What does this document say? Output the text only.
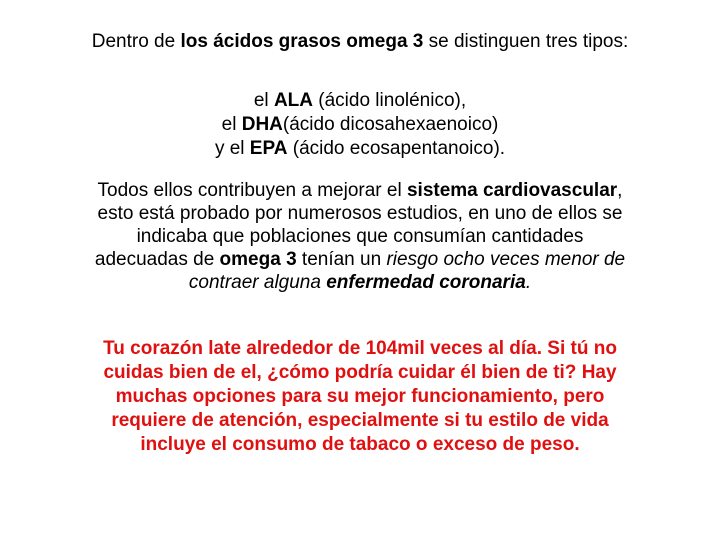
Dentro de los ácidos grasos omega 3 se distinguen tres tipos:

el ALA (ácido linolénico),
el DHA(ácido dicosahexaenoico)
y el EPA (ácido ecosapentanoico).

Todos ellos contribuyen a mejorar el sistema cardiovascular,
esto está probado por numerosos estudios, en uno de ellos se
indicaba que poblaciones que consumían cantidades
adecuadas de omega 3 tenían un riesgo ocho veces menor de
contraer alguna enfermedad coronaria.

Tu corazón late alrededor de 104mil veces al día. Si tú no
cuidas bien de el, ¿cómo podría cuidar él bien de ti? Hay
muchas opciones para su mejor funcionamiento, pero
requiere de atención, especialmente si tu estilo de vida
incluye el consumo de tabaco o exceso de peso.
